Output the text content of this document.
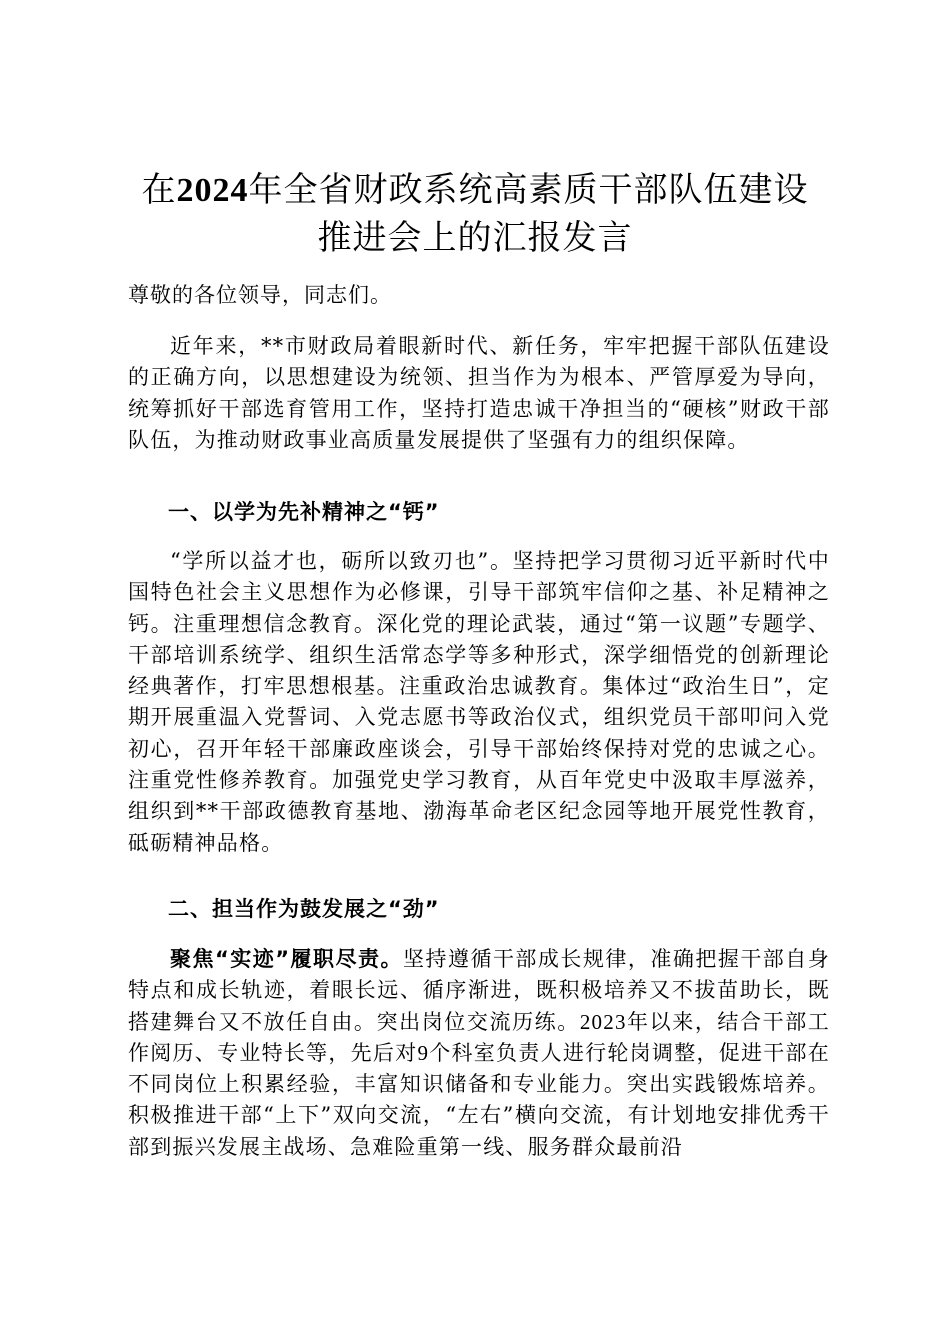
在2024年全省财政系统高素质干部队伍建设
推进会上的汇报发言
尊敬的各位领导，同志们。
近年来，**市财政局着眼新时代、新任务，牢牢把握干部队伍建设的正确方向，以思想建设为统领、担当作为为根本、严管厚爱为导向，统筹抓好干部选育管用工作，坚持打造忠诚干净担当的“硬核”财政干部队伍，为推动财政事业高质量发展提供了坚强有力的组织保障。
一、以学为先补精神之“钙”
“学所以益才也，砺所以致刃也”。坚持把学习贯彻习近平新时代中国特色社会主义思想作为必修课，引导干部筑牢信仰之基、补足精神之钙。注重理想信念教育。深化党的理论武装，通过“第一议题”专题学、干部培训系统学、组织生活常态学等多种形式，深学细悟党的创新理论经典著作，打牢思想根基。注重政治忠诚教育。集体过“政治生日”，定期开展重温入党誓词、入党志愿书等政治仪式，组织党员干部叩问入党初心，召开年轻干部廉政座谈会，引导干部始终保持对党的忠诚之心。注重党性修养教育。加强党史学习教育，从百年党史中汲取丰厚滋养，组织到**干部政德教育基地、渤海革命老区纪念园等地开展党性教育，砥砺精神品格。
二、担当作为鼓发展之“劲”
聚焦“实迹”履职尽责。坚持遵循干部成长规律，准确把握干部自身特点和成长轨迹，着眼长远、循序渐进，既积极培养又不拔苗助长，既搭建舞台又不放任自由。突出岗位交流历练。2023年以来，结合干部工作阅历、专业特长等，先后对9个科室负责人进行轮岗调整，促进干部在不同岗位上积累经验，丰富知识储备和专业能力。突出实践锻炼培养。积极推进干部“上下”双向交流，“左右”横向交流，有计划地安排优秀干部到振兴发展主战场、急难险重第一线、服务群众最前沿
